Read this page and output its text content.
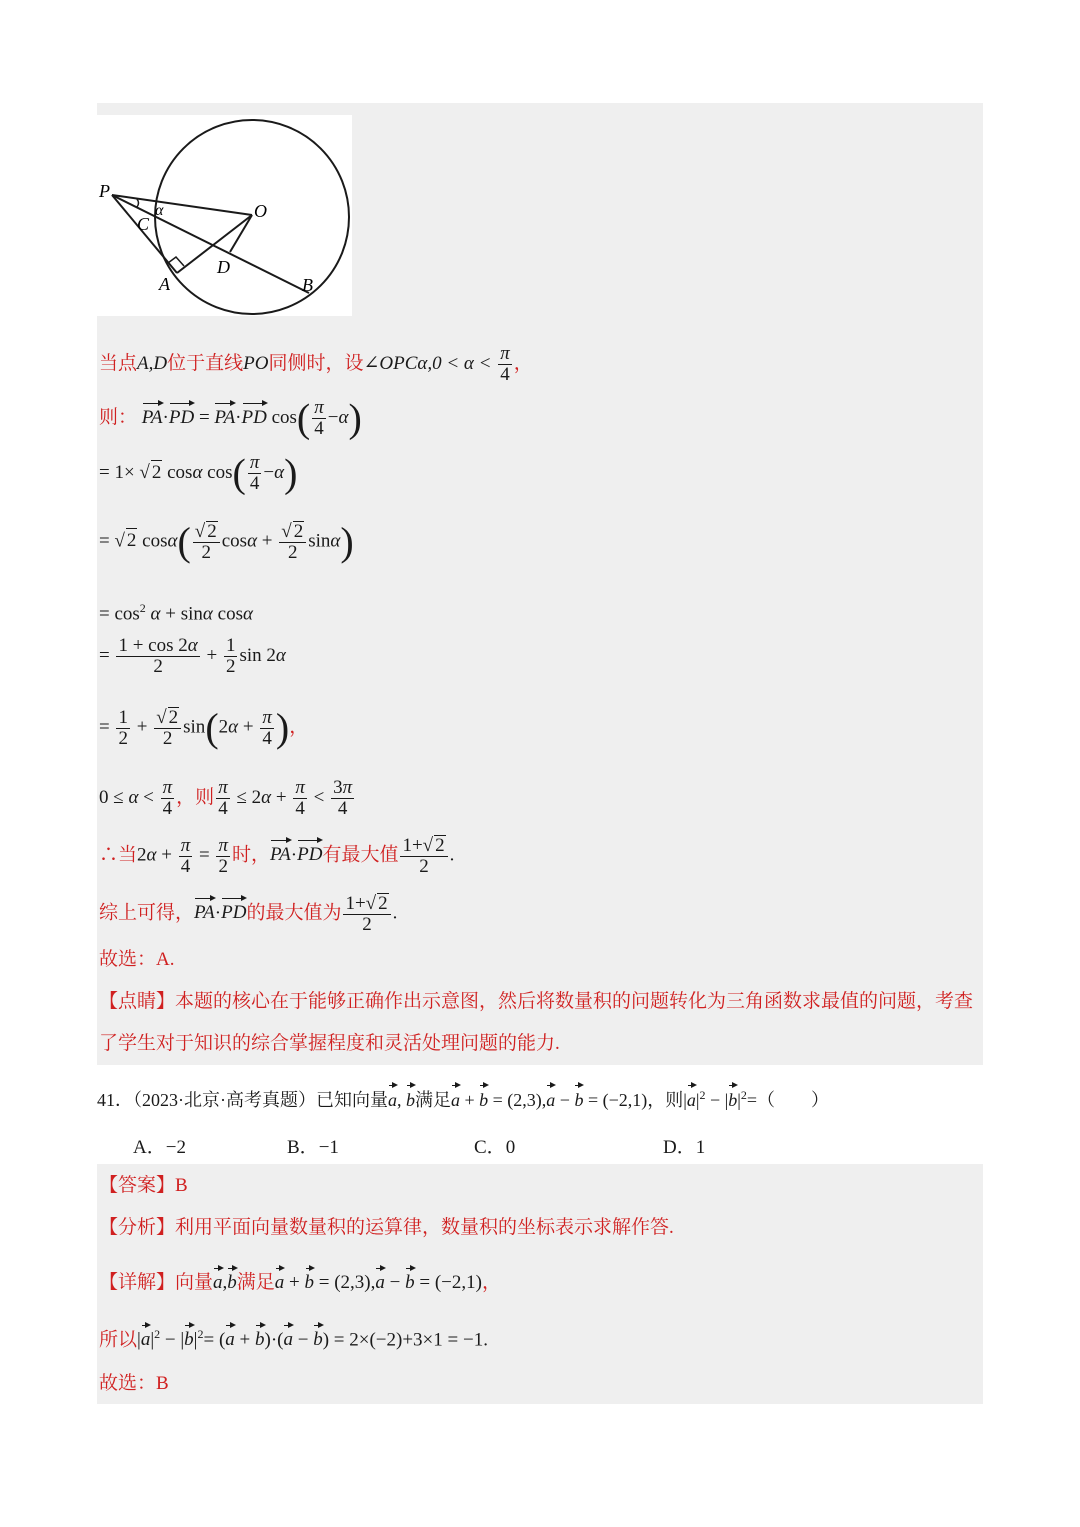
P
α
C
O
D
A	B
当点A,D位于直线PO同侧时，设∠OPCα,0 < $\alpha < \frac{\pi}{4}$ ，
则： PA·PD = PA·PD $\cos( \frac{\pi}{4} -\alpha)$
= 1× √ 2 cosα $\cos( \frac{\pi}{4} -\alpha)$
= √ 2 $\cos\alpha( \frac{√ 2}{2}$ $\cos\alpha + \frac{√ 2}{2} \sin\alpha$)
= $\cos^2 \alpha + \sin\alpha$ cosα
= $\frac{1 + \cos 2\alpha}{2} + \frac{1}{2}$ sin 2α
= $\frac{1}{2} + \frac{√ 2}{2} \sin(2\alpha + \frac{\pi}{4}$ )，
$0 \le \alpha < \frac{\pi}{4}$ ，则 $\frac{\pi}{4} \le 2\alpha + \frac{\pi}{4} < \frac{3\pi}{4}$
∴当$2\alpha + \frac{\pi}{4} = \frac{\pi}{2}$ 时，PA·PD有最大值 $\frac{1+√ 2}{2}$ .
综上可得，PA·PD的最大值为 $\frac{1+√ 2}{2}$ .
故选：A.
【点睛】本题的核心在于能够正确作出示意图，然后将数量积的问题转化为三角函数求最值的问题，考查
了学生对于知识的综合掌握程度和灵活处理问题的能力.
41．（2023·北京·高考真题）已知向量a, b满足a + b = (2,3),a − b = (−2,1)，则$|a|^2 - |b|^2=$（　　）
A．−2	B．−1	C．0	D．1
【答案】B
【分析】利用平面向量数量积的运算律，数量积的坐标表示求解作答.
【详解】向量a,b满足a + b = (2,3),a − b = (−2,1)，
所以$|a|^2 - |b|^2= (a + b)\cdot(a - b) = 2\times(-2)+3\times 1 = -1$.
故选：B
